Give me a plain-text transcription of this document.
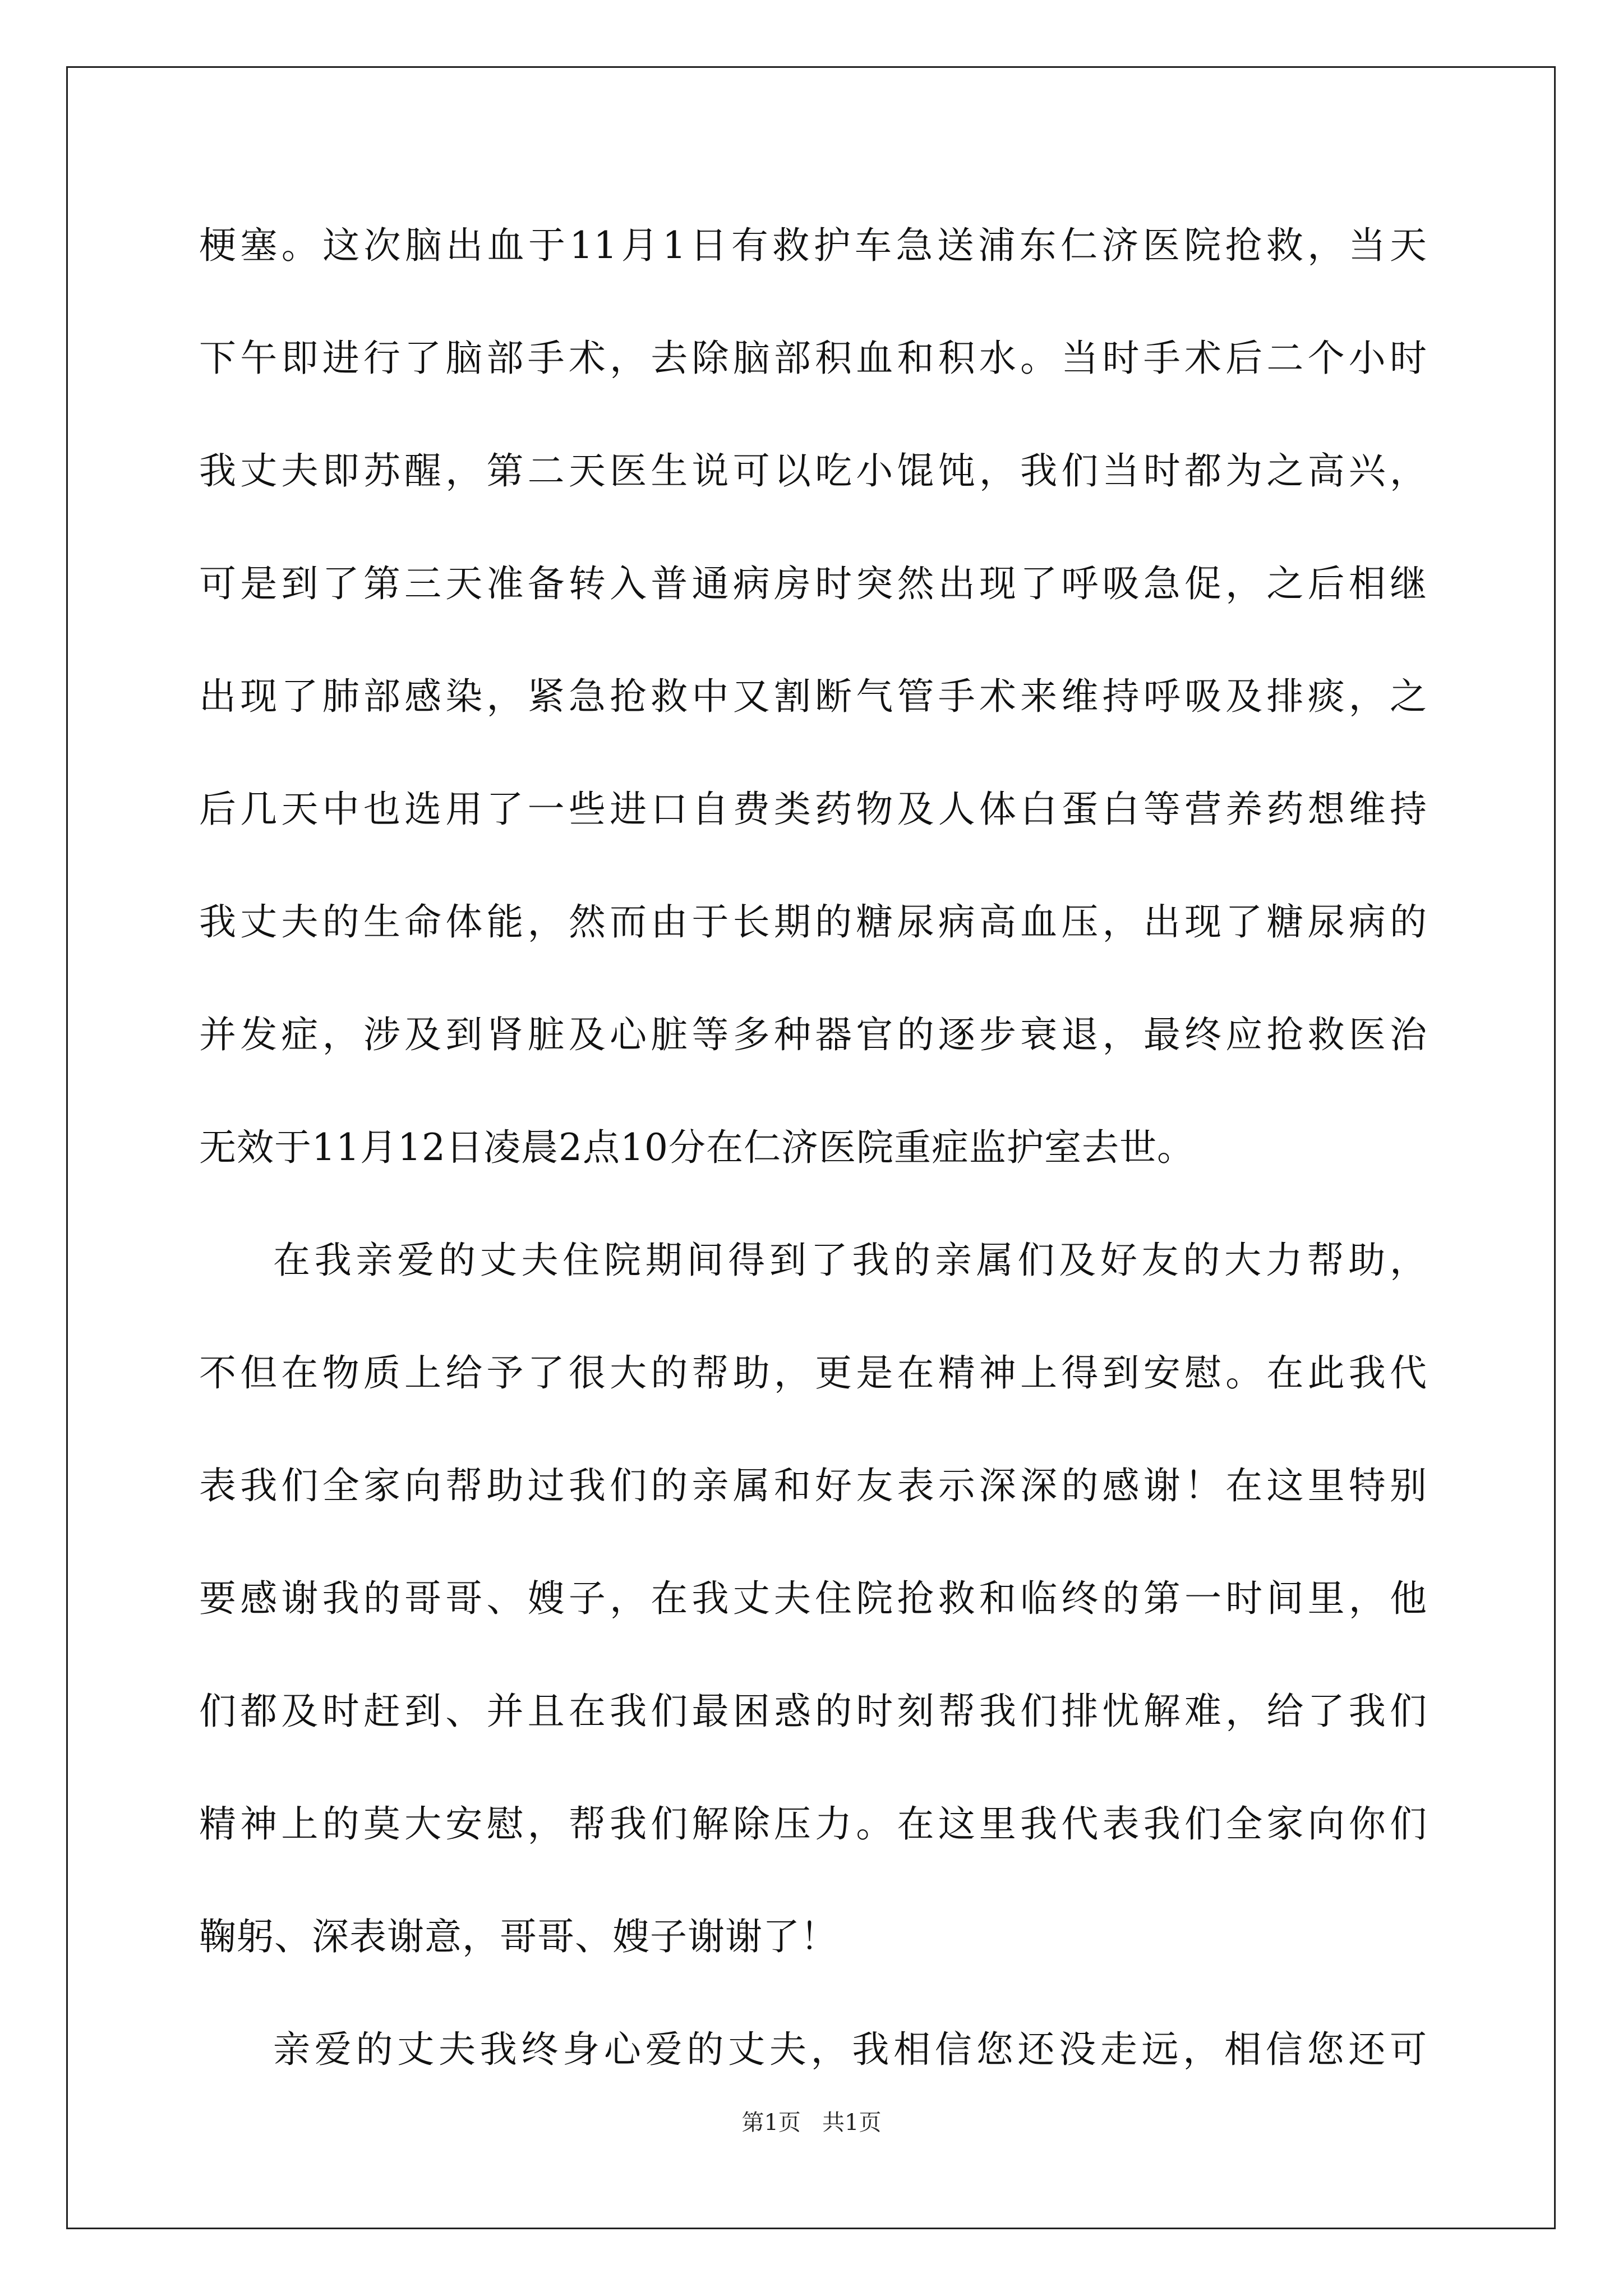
梗塞。这次脑出血于11月1日有救护车急送浦东仁济医院抢救，当天
下午即进行了脑部手术，去除脑部积血和积水。当时手术后二个小时
我丈夫即苏醒，第二天医生说可以吃小馄饨，我们当时都为之高兴，
可是到了第三天准备转入普通病房时突然出现了呼吸急促，之后相继
出现了肺部感染，紧急抢救中又割断气管手术来维持呼吸及排痰，之
后几天中也选用了一些进口自费类药物及人体白蛋白等营养药想维持
我丈夫的生命体能，然而由于长期的糖尿病高血压，出现了糖尿病的
并发症，涉及到肾脏及心脏等多种器官的逐步衰退，最终应抢救医治
无效于11月12日凌晨2点10分在仁济医院重症监护室去世。
在我亲爱的丈夫住院期间得到了我的亲属们及好友的大力帮助，
不但在物质上给予了很大的帮助，更是在精神上得到安慰。在此我代
表我们全家向帮助过我们的亲属和好友表示深深的感谢！在这里特别
要感谢我的哥哥、嫂子，在我丈夫住院抢救和临终的第一时间里，他
们都及时赶到、并且在我们最困惑的时刻帮我们排忧解难，给了我们
精神上的莫大安慰，帮我们解除压力。在这里我代表我们全家向你们
鞠躬、深表谢意，哥哥、嫂子谢谢了！
亲爱的丈夫我终身心爱的丈夫，我相信您还没走远，相信您还可
第1页   共1页
